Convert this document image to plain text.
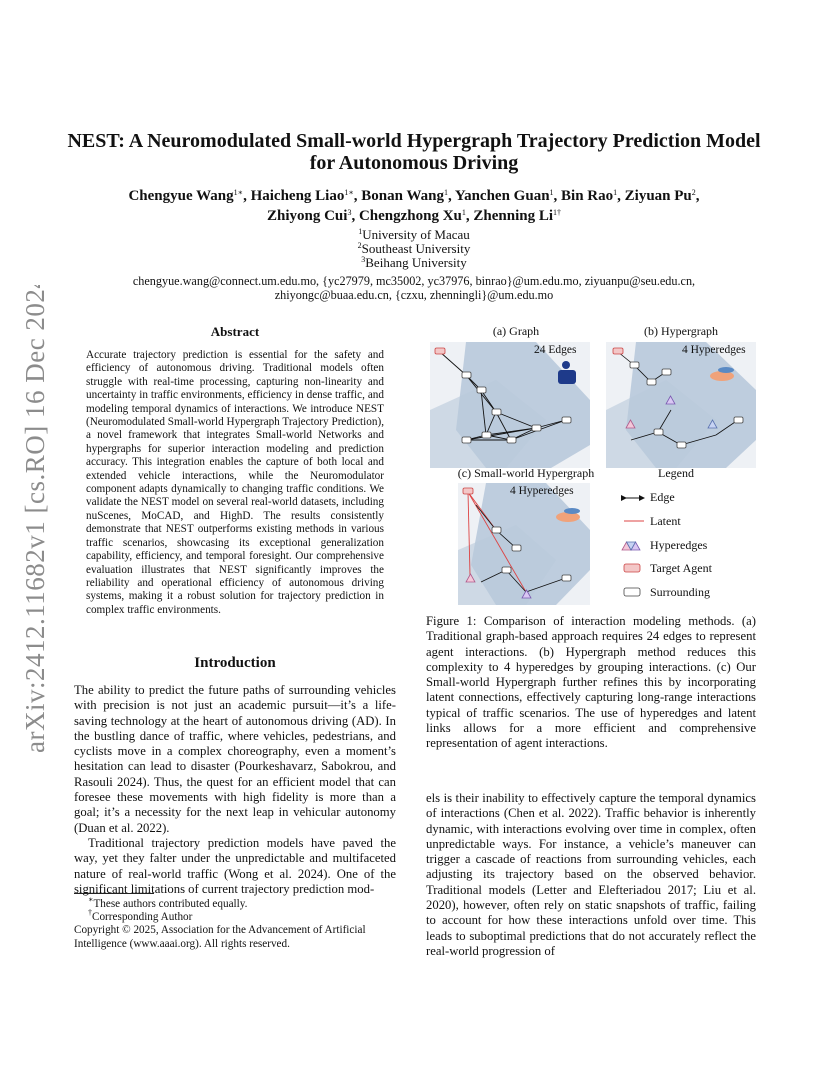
arXiv:2412.11682v1 [cs.RO] 16 Dec 2024
NEST: A Neuromodulated Small-world Hypergraph Trajectory Prediction Model
for Autonomous Driving
Chengyue Wang$^{1∗}$, Haicheng Liao$^{1∗}$, Bonan Wang$^1$, Yanchen Guan$^1$, Bin Rao$^1$, Ziyuan Pu$^2$,
Zhiyong Cui$^3$, Chengzhong Xu$^1$, Zhenning $Li^{1\dagger}$
$^1$University of Macau
$^2$Southeast University
$^3$Beihang University
chengyue.wang@connect.um.edu.mo, {yc27979, mc35002, yc37976, binrao}@um.edu.mo, ziyuanpu@seu.edu.cn,
zhiyongc@buaa.edu.cn, {czxu, zhenningli}@um.edu.mo
Abstract
Accurate trajectory prediction is essential for the safety and efficiency of autonomous driving. Traditional models often struggle with real-time processing, capturing non-linearity and uncertainty in traffic environments, efficiency in dense traffic, and modeling temporal dynamics of interactions. We introduce NEST (Neuromodulated Small-world Hypergraph Trajectory Prediction), a novel framework that integrates Small-world Networks and hypergraphs for superior interaction modeling and prediction accuracy. This integration enables the capture of both local and extended vehicle interactions, while the Neuromodulator component adapts dynamically to changing traffic conditions. We validate the NEST model on several real-world datasets, including nuScenes, MoCAD, and HighD. The results consistently demonstrate that NEST outperforms existing methods in various traffic scenarios, showcasing its exceptional generalization capability, efficiency, and temporal foresight. Our comprehensive evaluation illustrates that NEST significantly improves the reliability and operational efficiency of autonomous driving systems, making it a robust solution for trajectory prediction in complex traffic environments.
Introduction

The ability to predict the future paths of surrounding vehicles with precision is not just an academic pursuit—it’s a life-saving technology at the heart of autonomous driving (AD). In the bustling dance of traffic, where vehicles, pedestrians, and cyclists move in a complex choreography, even a moment’s hesitation can lead to disaster (Pourkeshavarz, Sabokrou, and Rasouli 2024). Thus, the quest for an efficient model that can foresee these movements with high fidelity is more than a goal; it’s a necessity for the next leap in vehicular autonomy (Duan et al. 2022).

Traditional trajectory prediction models have paved the way, yet they falter under the unpredictable and multifaceted nature of real-world traffic (Wong et al. 2024). One of the significant limitations of current trajectory prediction mod-

∗These authors contributed equally.
†Corresponding Author
Copyright © 2025, Association for the Advancement of Artificial Intelligence (www.aaai.org). All rights reserved.
(a) Graph	(b) Hypergraph
(c) Small-world Hypergraph	Legend
24 Edges	4 Hyperedges
4 Hyperedges	Edge
Latent
Hyperedges
Target Agent
Surrounding
Figure 1: Comparison of interaction modeling methods. (a) Traditional graph-based approach requires 24 edges to represent agent interactions. (b) Hypergraph method reduces this complexity to 4 hyperedges by grouping interactions. (c) Our Small-world Hypergraph further refines this by incorporating latent connections, effectively capturing long-range interactions typical of traffic scenarios. The use of hyperedges and latent links allows for a more efficient and comprehensive representation of agent interactions.

els is their inability to effectively capture the temporal dynamics of interactions (Chen et al. 2022). Traffic behavior is inherently dynamic, with interactions evolving over time in complex, often unpredictable ways. For instance, a vehicle’s maneuver can trigger a cascade of reactions from surrounding vehicles, each adjusting its trajectory based on the observed behavior. Traditional models (Letter and Elefteriadou 2017; Liu et al. 2020), however, often rely on static snapshots of traffic, failing to account for how these interactions unfold over time. This leads to suboptimal predictions that do not accurately reflect the real-world progression of
